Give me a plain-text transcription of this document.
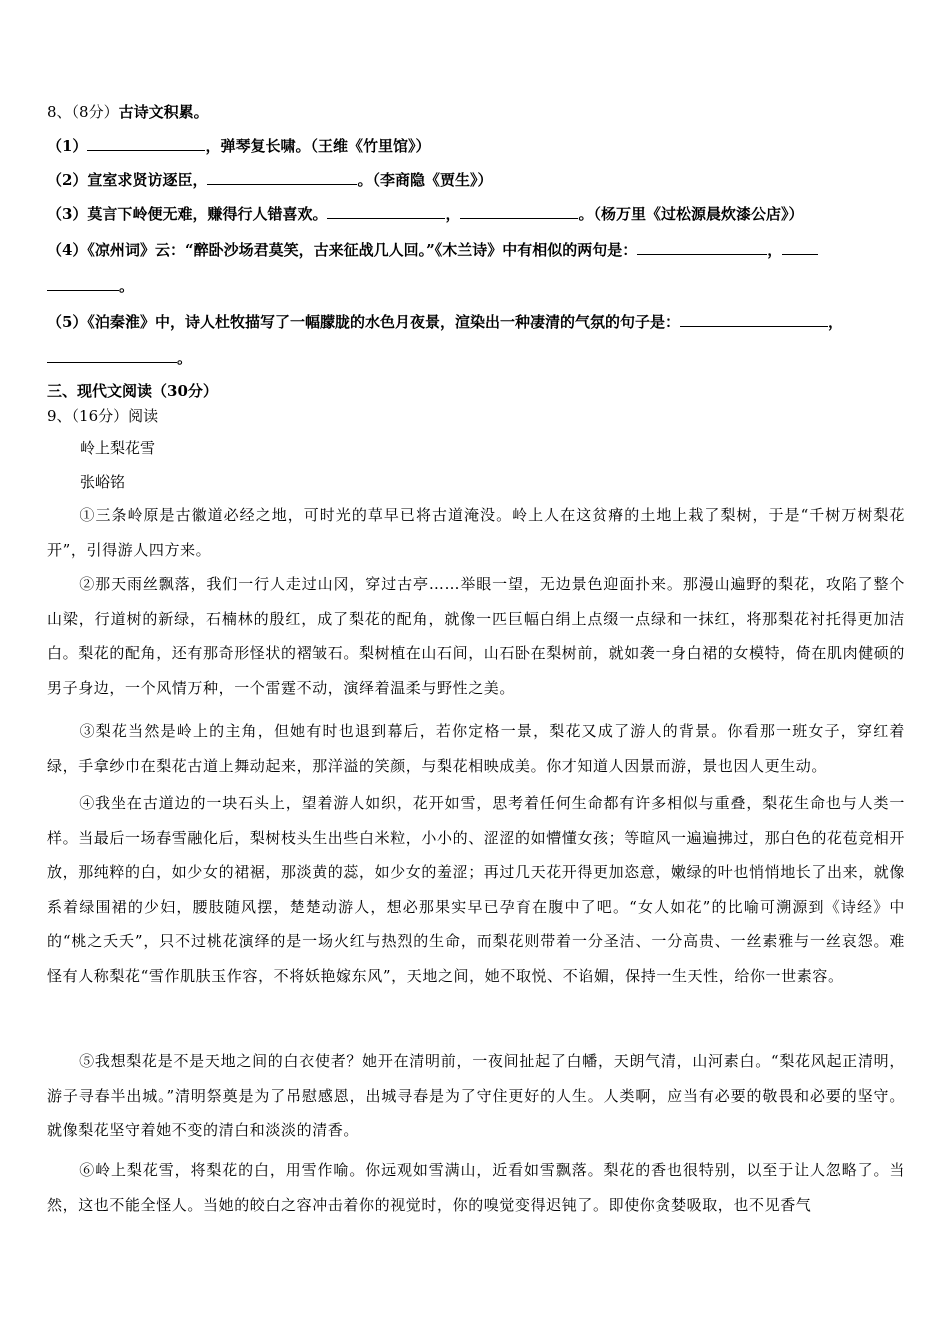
8、（8分）古诗文积累。
（1）	，弹琴复长啸。（王维《竹里馆》）
（2）宣室求贤访逐臣，	。（李商隐《贾生》）
（3）莫言下岭便无难，赚得行人错喜欢。	，	。（杨万里《过松源晨炊漆公店》）
（4）《凉州词》云：“醉卧沙场君莫笑，古来征战几人回。”《木兰诗》中有相似的两句是：	，
。
（5）《泊秦淮》中，诗人杜牧描写了一幅朦胧的水色月夜景，渲染出一种凄清的气氛的句子是：	，
。
三、现代文阅读（30分）
9、（16分）阅读
岭上梨花雪
张峪铭
①三条岭原是古徽道必经之地，可时光的草早已将古道淹没。岭上人在这贫瘠的土地上栽了梨树，于是“千树万树梨花开”，引得游人四方来。
②那天雨丝飘落，我们一行人走过山冈，穿过古亭……举眼一望，无边景色迎面扑来。那漫山遍野的梨花，攻陷了整个山梁，行道树的新绿，石楠林的殷红，成了梨花的配角，就像一匹巨幅白绢上点缀一点绿和一抹红，将那梨花衬托得更加洁白。梨花的配角，还有那奇形怪状的褶皱石。梨树植在山石间，山石卧在梨树前，就如袭一身白裙的女模特，倚在肌肉健硕的男子身边，一个风情万种，一个雷霆不动，演绎着温柔与野性之美。
③梨花当然是岭上的主角，但她有时也退到幕后，若你定格一景，梨花又成了游人的背景。你看那一班女子，穿红着绿，手拿纱巾在梨花古道上舞动起来，那洋溢的笑颜，与梨花相映成美。你才知道人因景而游，景也因人更生动。
④我坐在古道边的一块石头上，望着游人如织，花开如雪，思考着任何生命都有许多相似与重叠，梨花生命也与人类一样。当最后一场春雪融化后，梨树枝头生出些白米粒，小小的、涩涩的如懵懂女孩；等暄风一遍遍拂过，那白色的花苞竞相开放，那纯粹的白，如少女的裙裾，那淡黄的蕊，如少女的羞涩；再过几天花开得更加恣意，嫩绿的叶也悄悄地长了出来，就像系着绿围裙的少妇，腰肢随风摆，楚楚动游人，想必那果实早已孕育在腹中了吧。“女人如花”的比喻可溯源到《诗经》中的“桃之夭夭”，只不过桃花演绎的是一场火红与热烈的生命，而梨花则带着一分圣洁、一分高贵、一丝素雅与一丝哀怨。难怪有人称梨花“雪作肌肤玉作容，不将妖艳嫁东风”，天地之间，她不取悦、不谄媚，保持一生天性，给你一世素容。
⑤我想梨花是不是天地之间的白衣使者？她开在清明前，一夜间扯起了白幡，天朗气清，山河素白。“梨花风起正清明，游子寻春半出城。”清明祭奠是为了吊慰感恩，出城寻春是为了守住更好的人生。人类啊，应当有必要的敬畏和必要的坚守。就像梨花坚守着她不变的清白和淡淡的清香。
⑥岭上梨花雪，将梨花的白，用雪作喻。你远观如雪满山，近看如雪飘落。梨花的香也很特别，以至于让人忽略了。当然，这也不能全怪人。当她的皎白之容冲击着你的视觉时，你的嗅觉变得迟钝了。即使你贪婪吸取，也不见香气
